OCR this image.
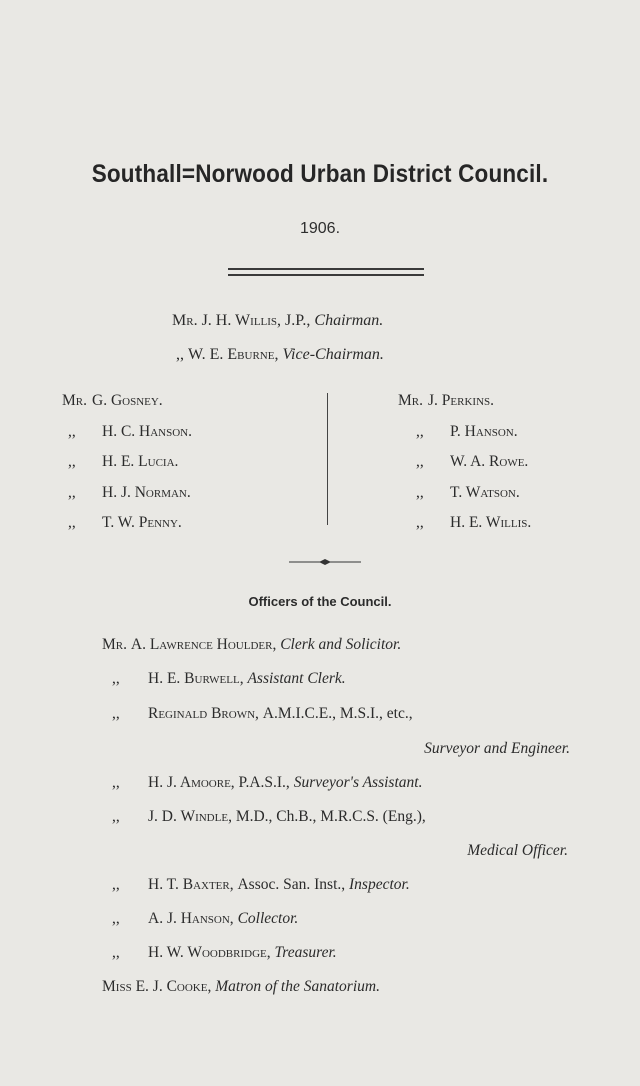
Southall=Norwood Urban District Council.
1906.
Mr. J. H. Willis, J.P., Chairman.
,, W. E. Eburne, Vice-Chairman.
Mr. G. Gosney.
,, H. C. Hanson.
,, H. E. Lucia.
,, H. J. Norman.
,, T. W. Penny.
Mr. J. Perkins.
,, P. Hanson.
,, W. A. Rowe.
,, T. Watson.
,, H. E. Willis.
Officers of the Council.
Mr. A. Lawrence Houlder, Clerk and Solicitor.
,, H. E. Burwell, Assistant Clerk.
,, Reginald Brown, A.M.I.C.E., M.S.I., etc.,
Surveyor and Engineer.
,, H. J. Amoore, P.A.S.I., Surveyor's Assistant.
,, J. D. Windle, M.D., Ch.B., M.R.C.S. (Eng.),
Medical Officer.
,, H. T. Baxter, Assoc. San. Inst., Inspector.
,, A. J. Hanson, Collector.
,, H. W. Woodbridge, Treasurer.
Miss E. J. Cooke, Matron of the Sanatorium.
